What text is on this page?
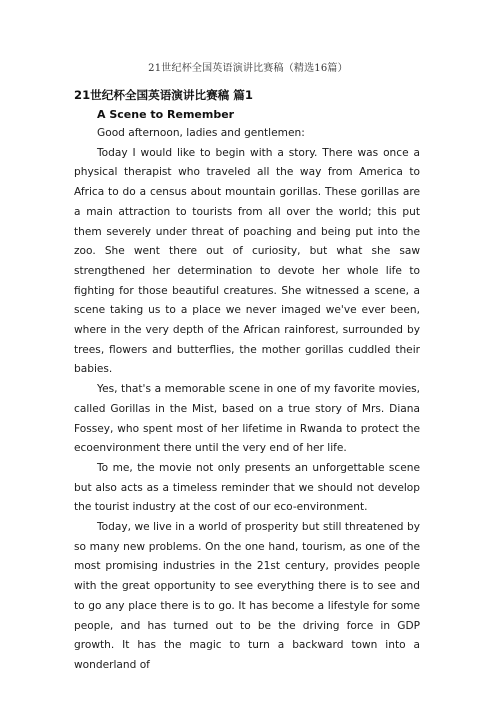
21世纪杯全国英语演讲比赛稿（精选16篇）
21世纪杯全国英语演讲比赛稿 篇1
A Scene to Remember

Good afternoon, ladies and gentlemen:

Today I would like to begin with a story. There was once a physical therapist who traveled all the way from America to Africa to do a census about mountain gorillas. These gorillas are a main attraction to tourists from all over the world; this put them severely under threat of poaching and being put into the zoo. She went there out of curiosity, but what she saw strengthened her determination to devote her whole life to fighting for those beautiful creatures. She witnessed a scene, a scene taking us to a place we never imaged we've ever been, where in the very depth of the African rainforest, surrounded by trees, flowers and butterflies, the mother gorillas cuddled their babies.

Yes, that's a memorable scene in one of my favorite movies, called Gorillas in the Mist, based on a true story of Mrs. Diana Fossey, who spent most of her lifetime in Rwanda to protect the ecoenvironment there until the very end of her life.

To me, the movie not only presents an unforgettable scene but also acts as a timeless reminder that we should not develop the tourist industry at the cost of our eco-environment.

Today, we live in a world of prosperity but still threatened by so many new problems. On the one hand, tourism, as one of the most promising industries in the 21st century, provides people with the great opportunity to see everything there is to see and to go any place there is to go. It has become a lifestyle for some people, and has turned out to be the driving force in GDP growth. It has the magic to turn a backward town into a wonderland of
